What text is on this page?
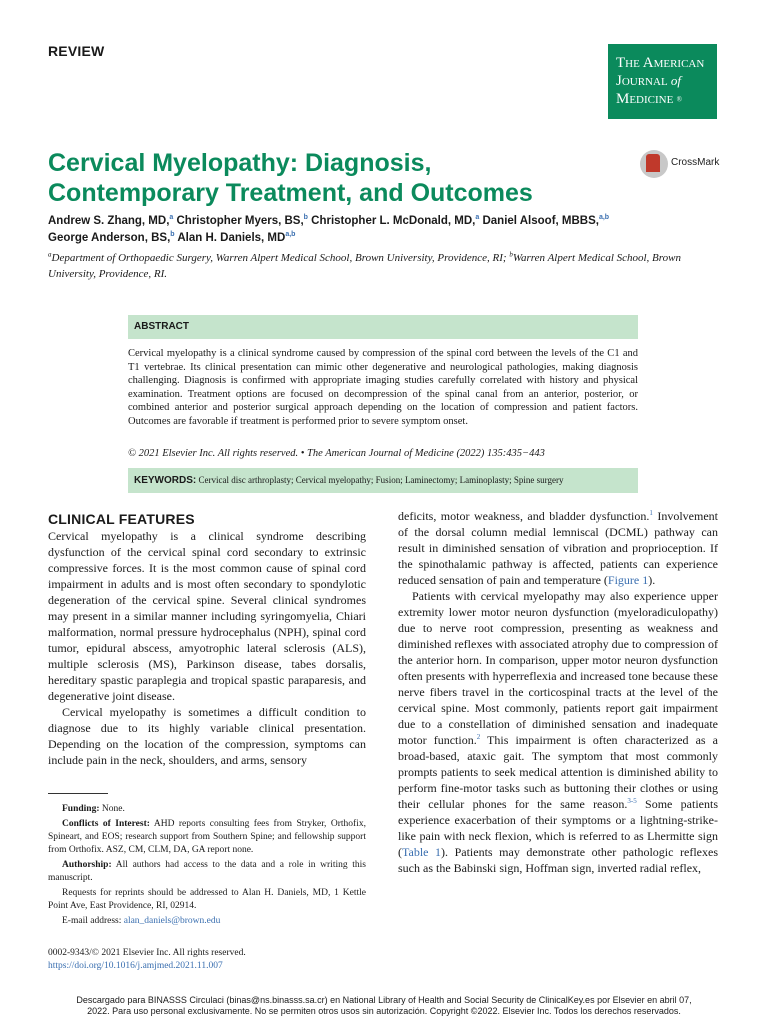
REVIEW
The American
Journal of
Medicine ®
Cervical Myelopathy: Diagnosis, Contemporary Treatment, and Outcomes
CrossMark
Andrew S. Zhang, MD,$^a$ Christopher Myers, BS,$^b$ Christopher L. McDonald, MD,$^a$ Daniel Alsoof, MBBS,$^{a,b}$
George Anderson, BS,$^b$ Alan H. Daniels, MD$^{a,b}$
$^a$Department of Orthopaedic Surgery, Warren Alpert Medical School, Brown University, Providence, RI; $^b$Warren Alpert Medical School, Brown University, Providence, RI.
ABSTRACT
Cervical myelopathy is a clinical syndrome caused by compression of the spinal cord between the levels of the C1 and T1 vertebrae. Its clinical presentation can mimic other degenerative and neurological pathologies, making diagnosis challenging. Diagnosis is confirmed with appropriate imaging studies carefully correlated with history and physical examination. Treatment options are focused on decompression of the spinal canal from an anterior, posterior, or combined anterior and posterior surgical approach depending on the location of compression and patient factors. Outcomes are favorable if treatment is performed prior to severe symptom onset.
© 2021 Elsevier Inc. All rights reserved. • The American Journal of Medicine (2022) 135:435−443
KEYWORDS: Cervical disc arthroplasty; Cervical myelopathy; Fusion; Laminectomy; Laminoplasty; Spine surgery
CLINICAL FEATURES

Cervical myelopathy is a clinical syndrome describing dysfunction of the cervical spinal cord secondary to extrinsic compressive forces. It is the most common cause of spinal cord impairment in adults and is most often secondary to spondylotic degeneration of the cervical spine. Several clinical syndromes may present in a similar manner including syringomyelia, Chiari malformation, normal pressure hydrocephalus (NPH), spinal cord tumor, epidural abscess, amyotrophic lateral sclerosis (ALS), multiple sclerosis (MS), Parkinson disease, tabes dorsalis, hereditary spastic paraplegia and tropical spastic paraparesis, and degenerative joint disease.

Cervical myelopathy is sometimes a difficult condition to diagnose due to its highly variable clinical presentation. Depending on the location of the compression, symptoms can include pain in the neck, shoulders, and arms, sensory

deficits, motor weakness, and bladder dysfunction.$^1$ Involvement of the dorsal column medial lemniscal (DCML) pathway can result in diminished sensation of vibration and proprioception. If the spinothalamic pathway is affected, patients can experience reduced sensation of pain and temperature (Figure 1).

Patients with cervical myelopathy may also experience upper extremity lower motor neuron dysfunction (myeloradiculopathy) due to nerve root compression, presenting as weakness and diminished reflexes with associated atrophy due to compression of the anterior horn. In comparison, upper motor neuron dysfunction often presents with hyperreflexia and increased tone because these nerve fibers travel in the corticospinal tracts at the level of the cervical spine. Most commonly, patients report gait impairment due to a constellation of diminished sensation and inadequate motor function.$^2$ This impairment is often characterized as a broad-based, ataxic gait. The symptom that most commonly prompts patients to seek medical attention is diminished ability to perform fine-motor tasks such as buttoning their clothes or using their cellular phones for the same reason.$^{3-5}$ Some patients experience exacerbation of their symptoms or a lightning-strike-like pain with neck flexion, which is referred to as Lhermitte sign (Table 1). Patients may demonstrate other pathologic reflexes such as the Babinski sign, Hoffman sign, inverted radial reflex,

Funding: None.

Conflicts of Interest: AHD reports consulting fees from Stryker, Orthofix, Spineart, and EOS; research support from Southern Spine; and fellowship support from Orthofix. ASZ, CM, CLM, DA, GA report none.

Authorship: All authors had access to the data and a role in writing this manuscript.

Requests for reprints should be addressed to Alan H. Daniels, MD, 1 Kettle Point Ave, East Providence, RI, 02914.

E-mail address: alan_daniels@brown.edu

0002-9343/© 2021 Elsevier Inc. All rights reserved.
https://doi.org/10.1016/j.amjmed.2021.11.007
Descargado para BINASSS Circulaci (binas@ns.binasss.sa.cr) en National Library of Health and Social Security de ClinicalKey.es por Elsevier en abril 07,
2022. Para uso personal exclusivamente. No se permiten otros usos sin autorización. Copyright ©2022. Elsevier Inc. Todos los derechos reservados.
